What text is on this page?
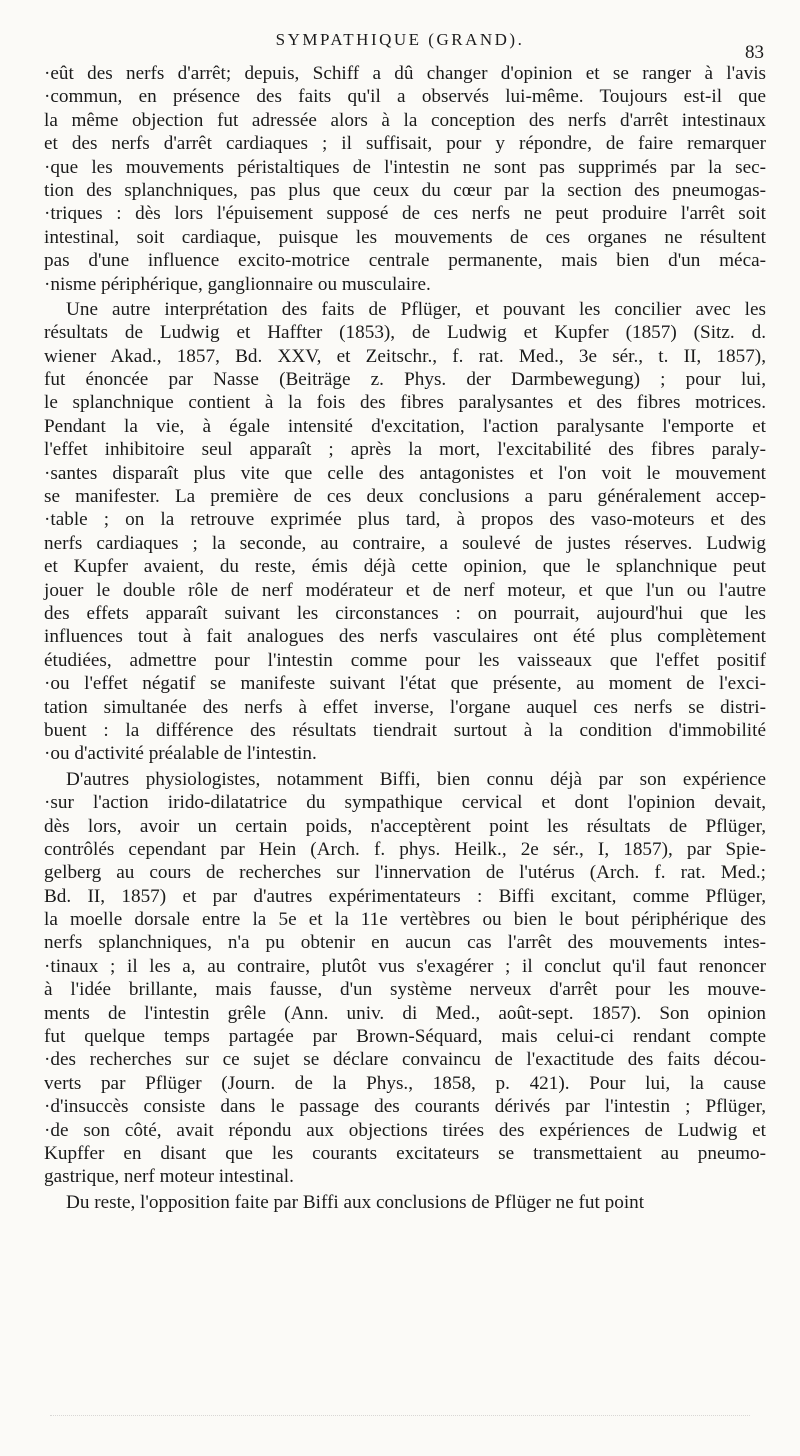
SYMPATHIQUE (GRAND).
83
·eût des nerfs d'arrêt; depuis, Schiff a dû changer d'opinion et se ranger à l'avis
·commun, en présence des faits qu'il a observés lui-même. Toujours est-il que
la même objection fut adressée alors à la conception des nerfs d'arrêt intestinaux
et des nerfs d'arrêt cardiaques ; il suffisait, pour y répondre, de faire remarquer
·que les mouvements péristaltiques de l'intestin ne sont pas supprimés par la sec-
tion des splanchniques, pas plus que ceux du cœur par la section des pneumogas-
·triques : dès lors l'épuisement supposé de ces nerfs ne peut produire l'arrêt soit
intestinal, soit cardiaque, puisque les mouvements de ces organes ne résultent
pas d'une influence excito-motrice centrale permanente, mais bien d'un méca-
·nisme périphérique, ganglionnaire ou musculaire.
Une autre interprétation des faits de Pflüger, et pouvant les concilier avec les
résultats de Ludwig et Haffter (1853), de Ludwig et Kupfer (1857) (Sitz. d.
wiener Akad., 1857, Bd. XXV, et Zeitschr., f. rat. Med., 3e sér., t. II, 1857),
fut énoncée par Nasse (Beiträge z. Phys. der Darmbewegung) ; pour lui,
le splanchnique contient à la fois des fibres paralysantes et des fibres motrices.
Pendant la vie, à égale intensité d'excitation, l'action paralysante l'emporte et
l'effet inhibitoire seul apparaît ; après la mort, l'excitabilité des fibres paraly-
·santes disparaît plus vite que celle des antagonistes et l'on voit le mouvement
se manifester. La première de ces deux conclusions a paru généralement accep-
·table ; on la retrouve exprimée plus tard, à propos des vaso-moteurs et des
nerfs cardiaques ; la seconde, au contraire, a soulevé de justes réserves. Ludwig
et Kupfer avaient, du reste, émis déjà cette opinion, que le splanchnique peut
jouer le double rôle de nerf modérateur et de nerf moteur, et que l'un ou l'autre
des effets apparaît suivant les circonstances : on pourrait, aujourd'hui que les
influences tout à fait analogues des nerfs vasculaires ont été plus complètement
étudiées, admettre pour l'intestin comme pour les vaisseaux que l'effet positif
·ou l'effet négatif se manifeste suivant l'état que présente, au moment de l'exci-
tation simultanée des nerfs à effet inverse, l'organe auquel ces nerfs se distri-
buent : la différence des résultats tiendrait surtout à la condition d'immobilité
·ou d'activité préalable de l'intestin.
D'autres physiologistes, notamment Biffi, bien connu déjà par son expérience
·sur l'action irido-dilatatrice du sympathique cervical et dont l'opinion devait,
dès lors, avoir un certain poids, n'acceptèrent point les résultats de Pflüger,
contrôlés cependant par Hein (Arch. f. phys. Heilk., 2e sér., I, 1857), par Spie-
gelberg au cours de recherches sur l'innervation de l'utérus (Arch. f. rat. Med.;
Bd. II, 1857) et par d'autres expérimentateurs : Biffi excitant, comme Pflüger,
la moelle dorsale entre la 5e et la 11e vertèbres ou bien le bout périphérique des
nerfs splanchniques, n'a pu obtenir en aucun cas l'arrêt des mouvements intes-
·tinaux ; il les a, au contraire, plutôt vus s'exagérer ; il conclut qu'il faut renoncer
à l'idée brillante, mais fausse, d'un système nerveux d'arrêt pour les mouve-
ments de l'intestin grêle (Ann. univ. di Med., août-sept. 1857). Son opinion
fut quelque temps partagée par Brown-Séquard, mais celui-ci rendant compte
·des recherches sur ce sujet se déclare convaincu de l'exactitude des faits décou-
verts par Pflüger (Journ. de la Phys., 1858, p. 421). Pour lui, la cause
·d'insuccès consiste dans le passage des courants dérivés par l'intestin ; Pflüger,
·de son côté, avait répondu aux objections tirées des expériences de Ludwig et
Kupffer en disant que les courants excitateurs se transmettaient au pneumo-
gastrique, nerf moteur intestinal.
Du reste, l'opposition faite par Biffi aux conclusions de Pflüger ne fut point
